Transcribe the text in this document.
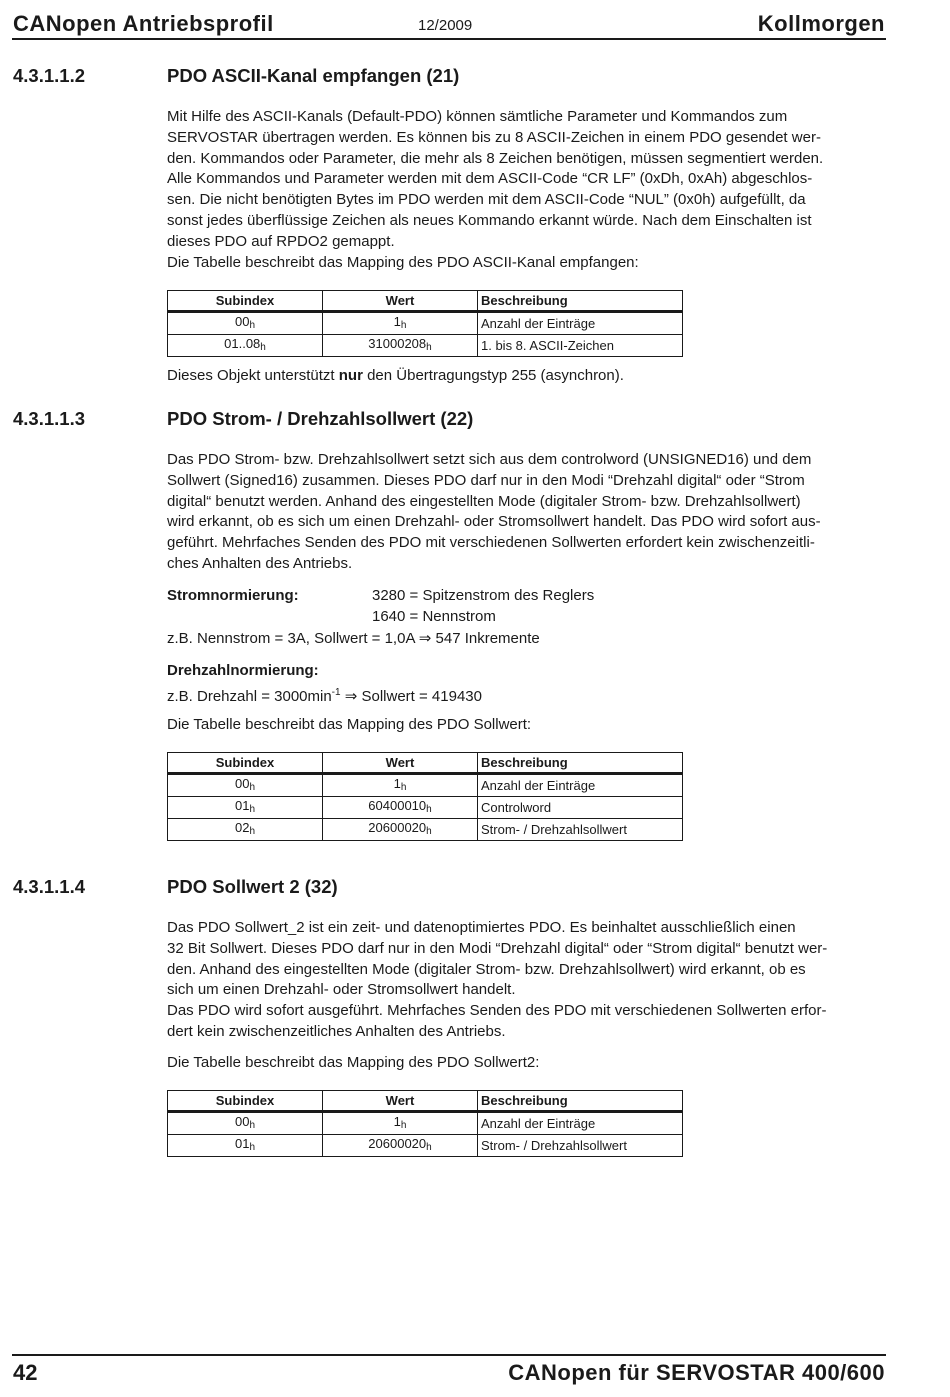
CANopen Antriebsprofil	12/2009	Kollmorgen
4.3.1.1.2	PDO ASCII-Kanal empfangen (21)
Mit Hilfe des ASCII-Kanals (Default-PDO) können sämtliche Parameter und Kommandos zum
SERVOSTAR übertragen werden. Es können bis zu 8 ASCII-Zeichen in einem PDO gesendet wer-
den. Kommandos oder Parameter, die mehr als 8 Zeichen benötigen, müssen segmentiert werden.
Alle Kommandos und Parameter werden mit dem ASCII-Code “CR LF” (0xDh, 0xAh) abgeschlos-
sen. Die nicht benötigten Bytes im PDO werden mit dem ASCII-Code “NUL” (0x0h) aufgefüllt, da
sonst jedes überflüssige Zeichen als neues Kommando erkannt würde. Nach dem Einschalten ist
dieses PDO auf RPDO2 gemappt.
Die Tabelle beschreibt das Mapping des PDO ASCII-Kanal empfangen:
Subindex	Wert	Beschreibung
$00_h$	$1_h$	Anzahl der Einträge
$01..08_h$	$31000208_h$	1. bis 8. ASCII-Zeichen
Dieses Objekt unterstützt nur den Übertragungstyp 255 (asynchron).
4.3.1.1.3	PDO Strom- / Drehzahlsollwert (22)
Das PDO Strom- bzw. Drehzahlsollwert setzt sich aus dem controlword (UNSIGNED16) und dem
Sollwert (Signed16) zusammen. Dieses PDO darf nur in den Modi “Drehzahl digital“ oder “Strom
digital“ benutzt werden. Anhand des eingestellten Mode (digitaler Strom- bzw. Drehzahlsollwert)
wird erkannt, ob es sich um einen Drehzahl- oder Stromsollwert handelt. Das PDO wird sofort aus-
geführt. Mehrfaches Senden des PDO mit verschiedenen Sollwerten erfordert kein zwischenzeitli-
ches Anhalten des Antriebs.
Stromnormierung:	3280 = Spitzenstrom des Reglers
1640 = Nennstrom
z.B. Nennstrom = 3A, Sollwert = 1,0A ⇒ 547 Inkremente
Drehzahlnormierung:
z.B. Drehzahl = $3000\min^{-1}$ ⇒ Sollwert = 419430
Die Tabelle beschreibt das Mapping des PDO Sollwert:
Subindex	Wert	Beschreibung
$00_h$	$1_h$	Anzahl der Einträge
$01_h$	$60400010_h$	Controlword
$02_h$	$20600020_h$	Strom- / Drehzahlsollwert
4.3.1.1.4	PDO Sollwert 2 (32)
Das PDO Sollwert_2 ist ein zeit- und datenoptimiertes PDO. Es beinhaltet ausschließlich einen
32 Bit Sollwert. Dieses PDO darf nur in den Modi “Drehzahl digital“ oder “Strom digital“ benutzt wer-
den. Anhand des eingestellten Mode (digitaler Strom- bzw. Drehzahlsollwert) wird erkannt, ob es
sich um einen Drehzahl- oder Stromsollwert handelt.
Das PDO wird sofort ausgeführt. Mehrfaches Senden des PDO mit verschiedenen Sollwerten erfor-
dert kein zwischenzeitliches Anhalten des Antriebs.
Die Tabelle beschreibt das Mapping des PDO Sollwert2:
Subindex	Wert	Beschreibung
$00_h$	$1_h$	Anzahl der Einträge
$01_h$	$20600020_h$	Strom- / Drehzahlsollwert
42	CANopen für SERVOSTAR 400/600
